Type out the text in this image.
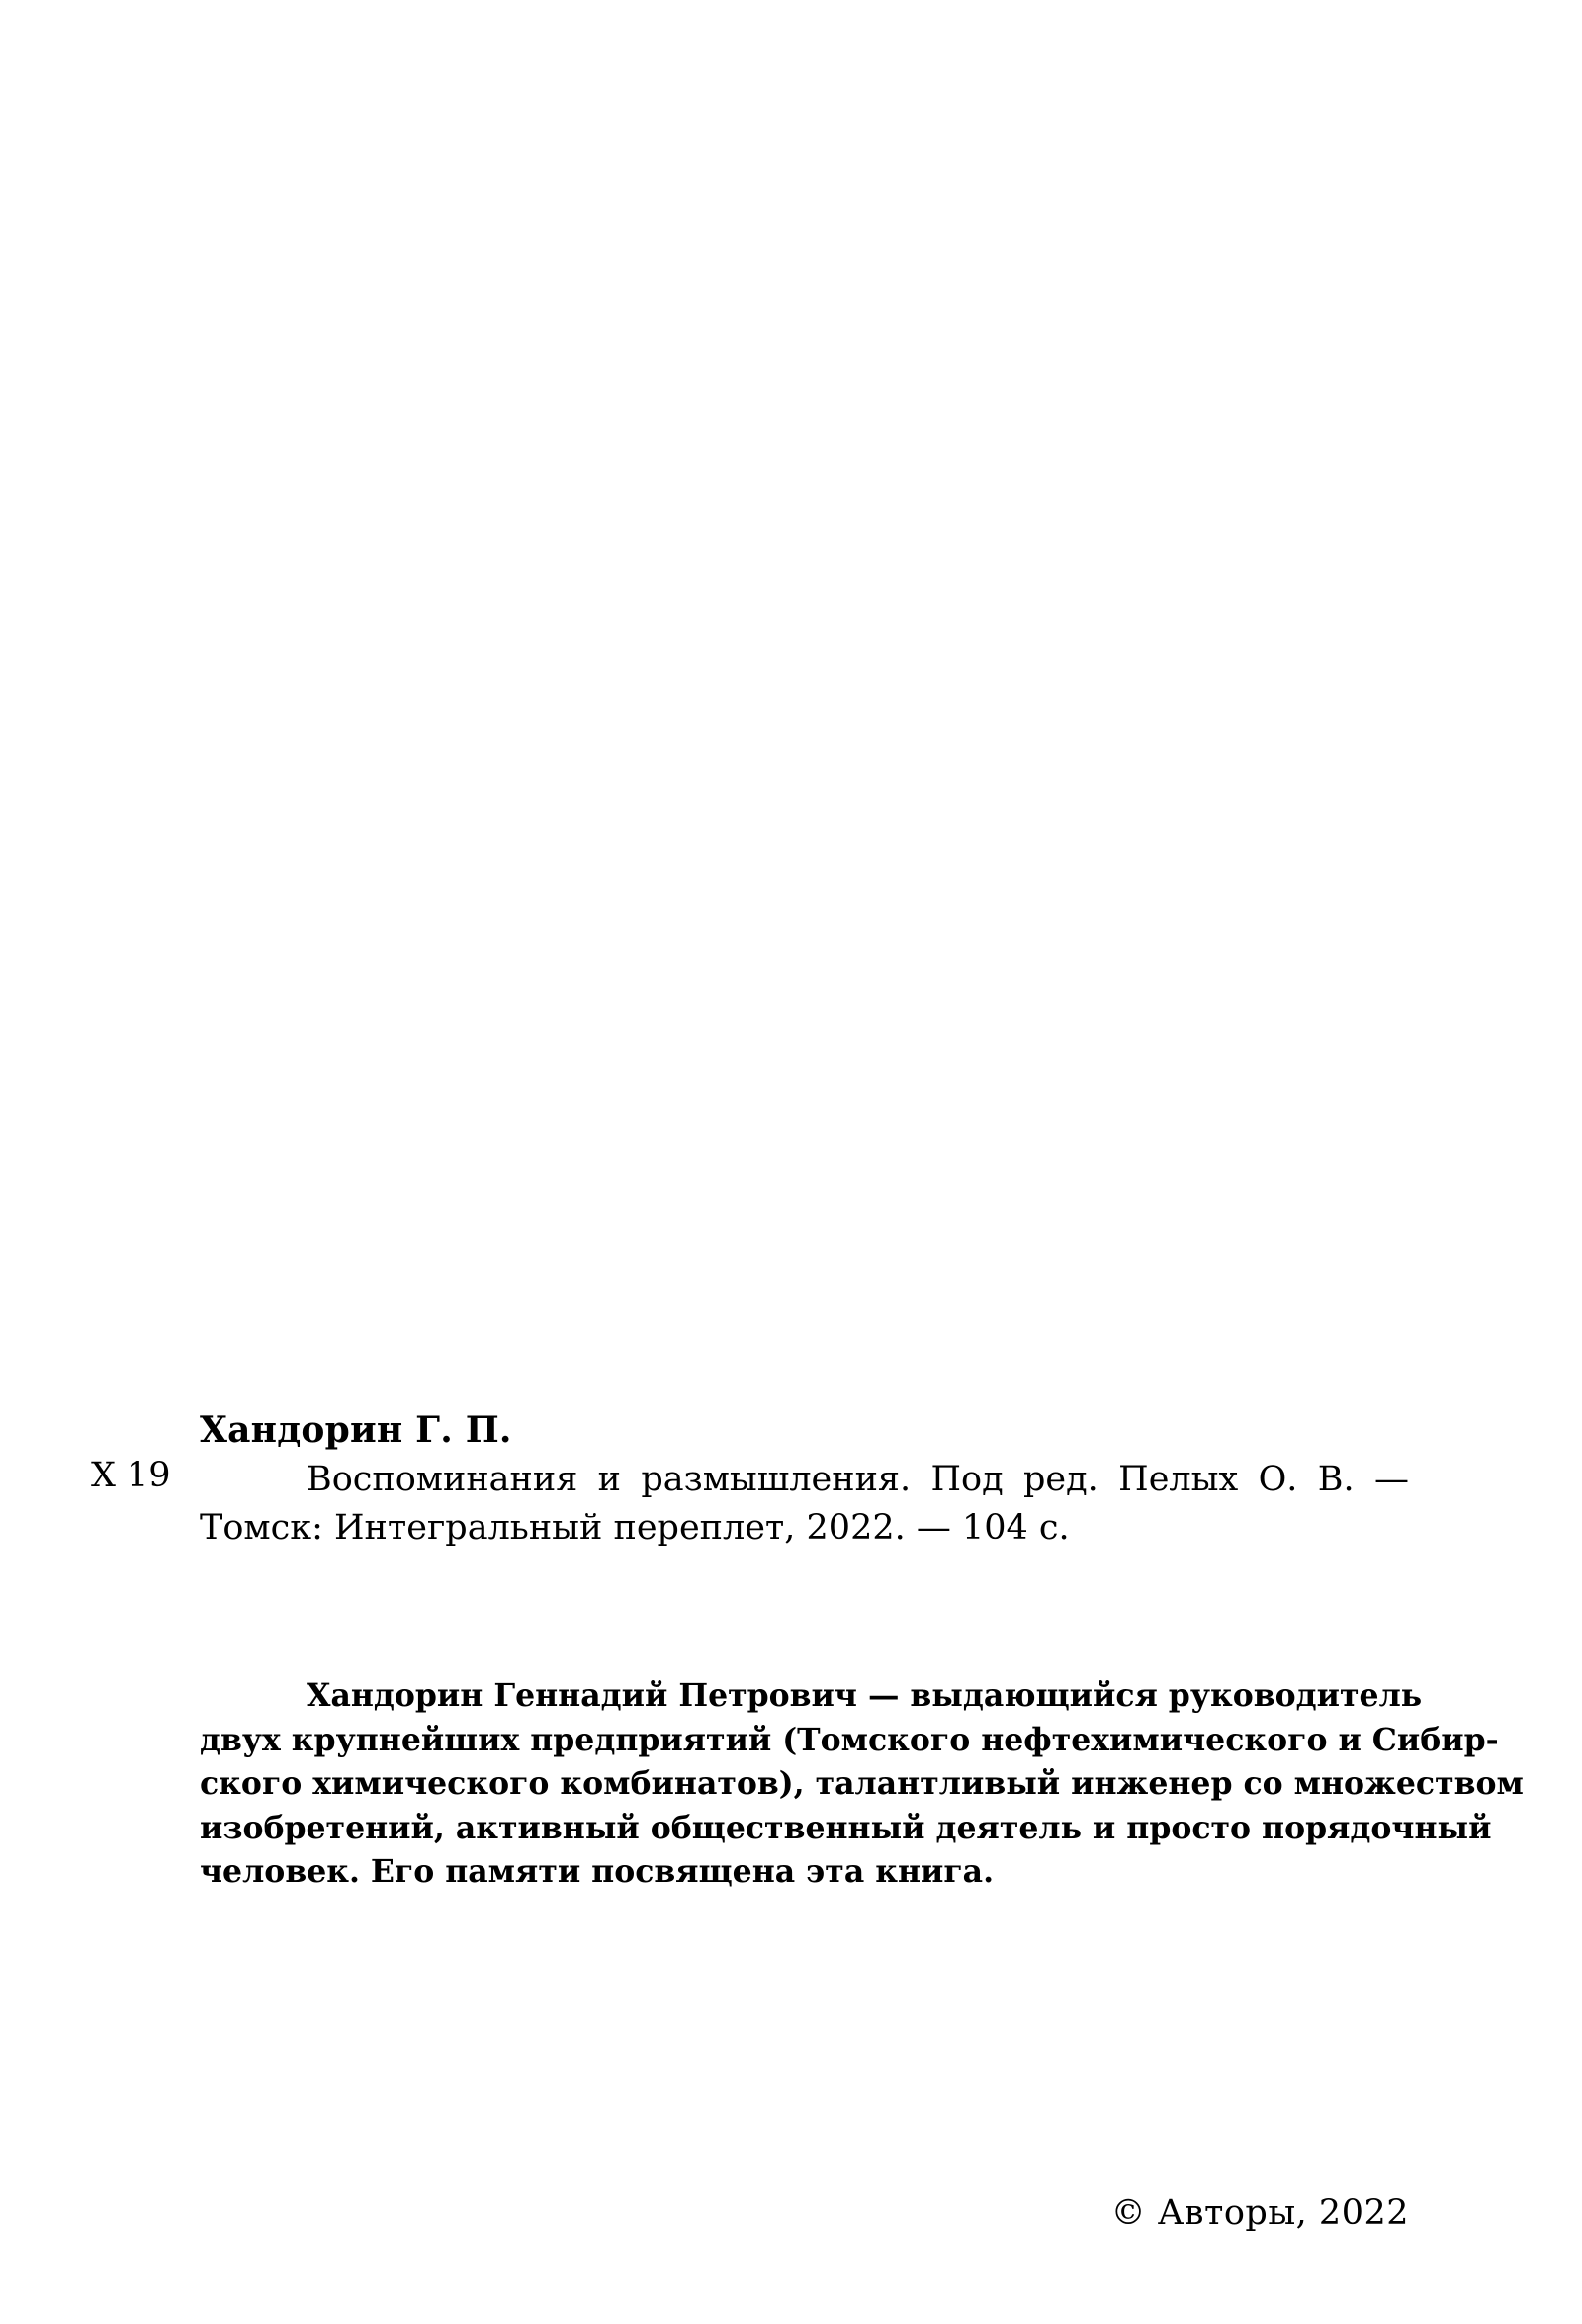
Хандорин Г. П.
Х 19	Воспоминания и размышления. Под ред. Пелых О. В. —
Томск: Интегральный переплет, 2022. — 104 с.
Хандорин Геннадий Петрович — выдающийся руководитель
двух крупнейших предприятий (Томского нефтехимического и Сибир-
ского химического комбинатов), талантливый инженер со множеством
изобретений, активный общественный деятель и просто порядочный
человек. Его памяти посвящена эта книга.
© Авторы, 2022
